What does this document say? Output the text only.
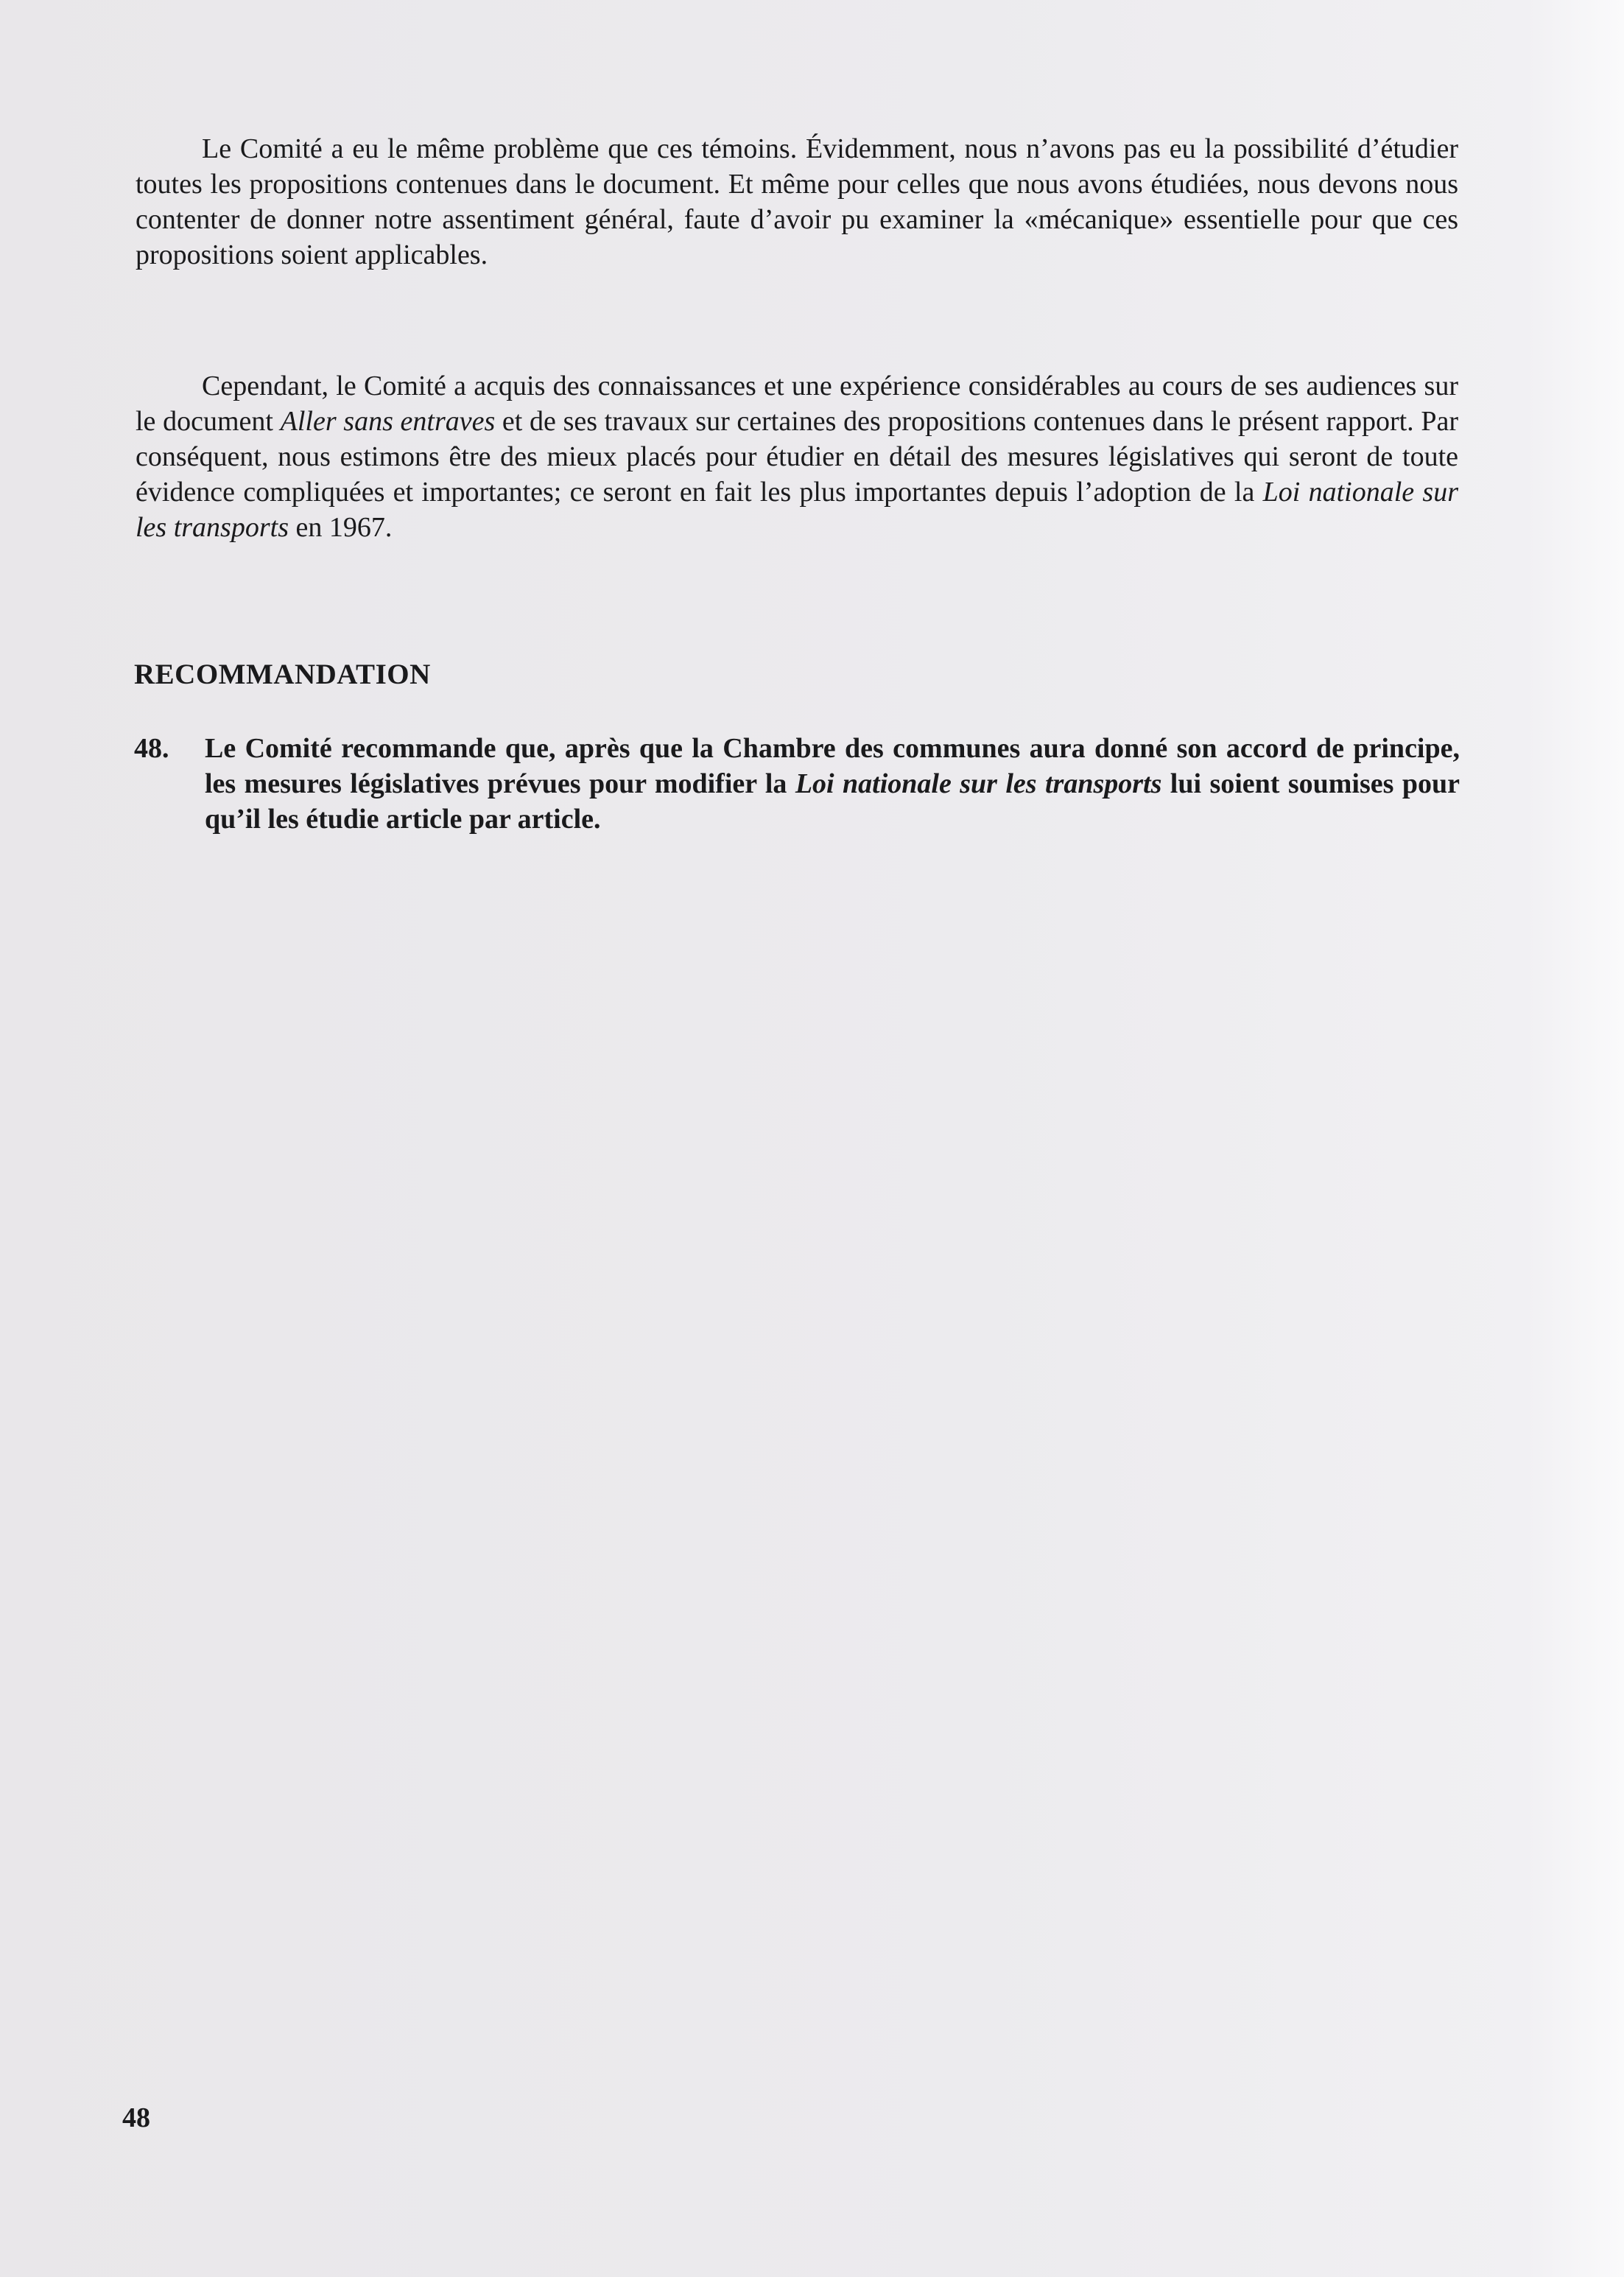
Le Comité a eu le même problème que ces témoins. Évidemment, nous n’avons pas eu la possibilité d’étudier toutes les propositions contenues dans le document. Et même pour celles que nous avons étudiées, nous devons nous contenter de donner notre assentiment général, faute d’avoir pu examiner la «mécanique» essentielle pour que ces propositions soient applicables.

Cependant, le Comité a acquis des connaissances et une expérience considérables au cours de ses audiences sur le document Aller sans entraves et de ses travaux sur certaines des propositions contenues dans le présent rapport. Par conséquent, nous estimons être des mieux placés pour étudier en détail des mesures législatives qui seront de toute évidence compliquées et importantes; ce seront en fait les plus importantes depuis l’adoption de la Loi nationale sur les transports en 1967.

RECOMMANDATION
48. Le Comité recommande que, après que la Chambre des communes aura donné son accord de principe, les mesures législatives prévues pour modifier la Loi nationale sur les transports lui soient soumises pour qu’il les étudie article par article.
48
